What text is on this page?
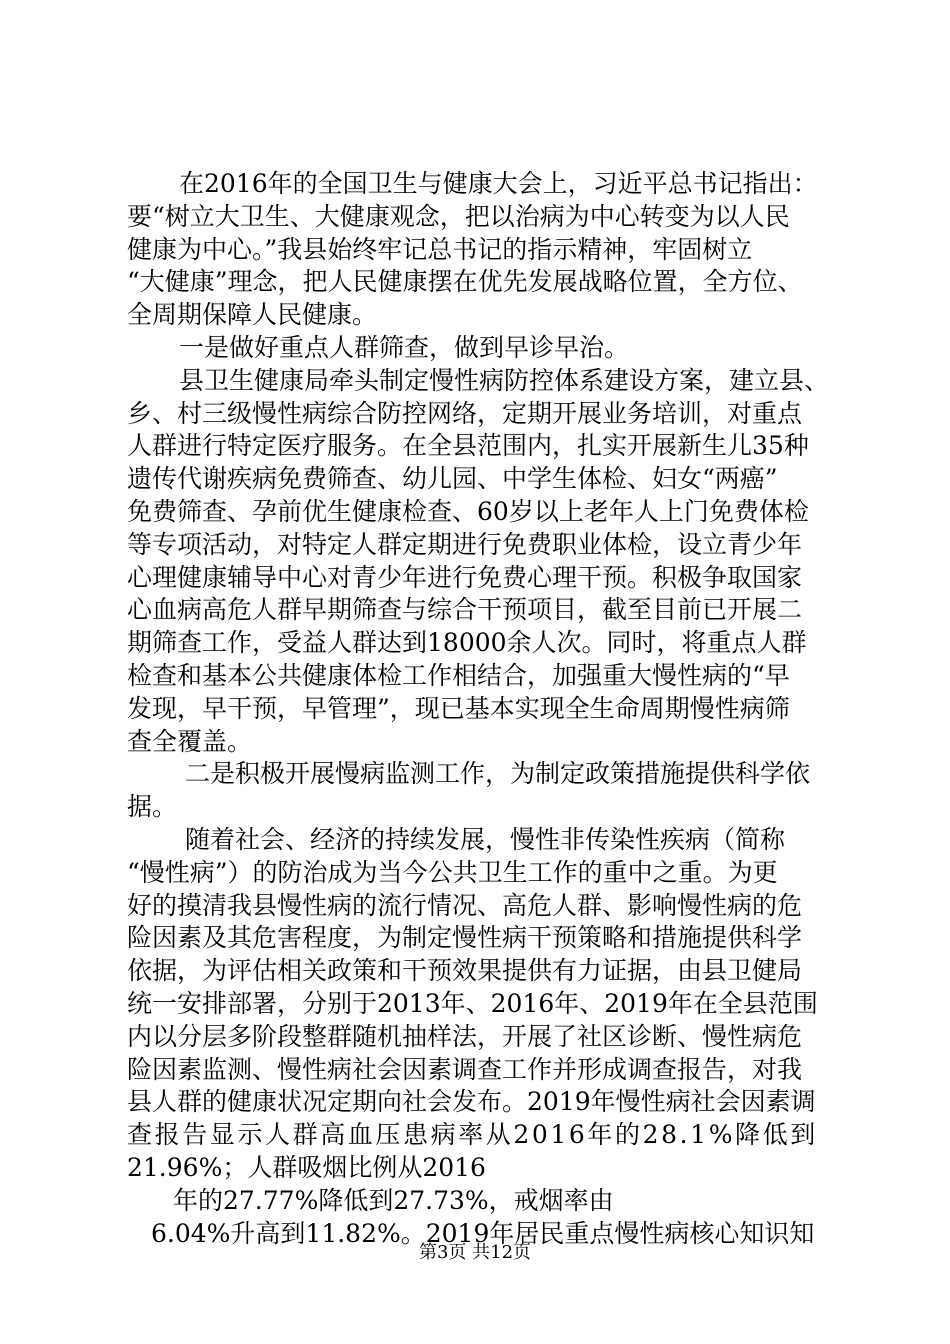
在2016年的全国卫生与健康大会上，习近平总书记指出：
要“树立大卫生、大健康观念，把以治病为中心转变为以人民
健康为中心。”我县始终牢记总书记的指示精神，牢固树立
“大健康”理念，把人民健康摆在优先发展战略位置，全方位、
全周期保障人民健康。
一是做好重点人群筛查，做到早诊早治。
县卫生健康局牵头制定慢性病防控体系建设方案，建立县、
乡、村三级慢性病综合防控网络，定期开展业务培训，对重点
人群进行特定医疗服务。在全县范围内，扎实开展新生儿35种
遗传代谢疾病免费筛查、幼儿园、中学生体检、妇女“两癌”
免费筛查、孕前优生健康检查、60岁以上老年人上门免费体检
等专项活动，对特定人群定期进行免费职业体检，设立青少年
心理健康辅导中心对青少年进行免费心理干预。积极争取国家
心血病高危人群早期筛查与综合干预项目，截至目前已开展二
期筛查工作，受益人群达到18000余人次。同时，将重点人群
检查和基本公共健康体检工作相结合，加强重大慢性病的“早
发现，早干预，早管理”，现已基本实现全生命周期慢性病筛
查全覆盖。
二是积极开展慢病监测工作，为制定政策措施提供科学依
据。
随着社会、经济的持续发展，慢性非传染性疾病（简称
“慢性病”）的防治成为当今公共卫生工作的重中之重。为更
好的摸清我县慢性病的流行情况、高危人群、影响慢性病的危
险因素及其危害程度，为制定慢性病干预策略和措施提供科学
依据，为评估相关政策和干预效果提供有力证据，由县卫健局
统一安排部署，分别于2013年、2016年、2019年在全县范围
内以分层多阶段整群随机抽样法，开展了社区诊断、慢性病危
险因素监测、慢性病社会因素调查工作并形成调查报告，对我
县人群的健康状况定期向社会发布。2019年慢性病社会因素调
查报告显示人群高血压患病率从2016年的28.1%降低到
21.96%；人群吸烟比例从2016
年的27.77%降低到27.73%，戒烟率由
6.04%升高到11.82%。2019年居民重点慢性病核心知识知
第3页 共12页
